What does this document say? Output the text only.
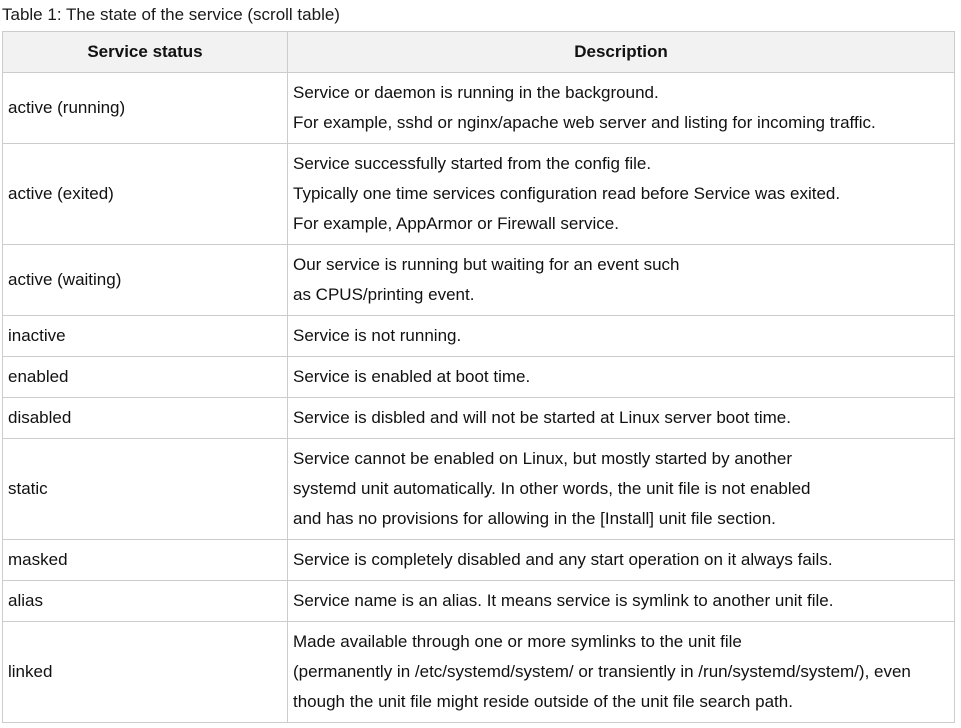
Table 1: The state of the service (scroll table)

Service status	Description
active (running)	Service or daemon is running in the background.
For example, sshd or nginx/apache web server and listing for incoming traffic.

active (exited)	Service successfully started from the config file.
Typically one time services configuration read before Service was exited.
For example, AppArmor or Firewall service.

active (waiting)	Our service is running but waiting for an event such
as CPUS/printing event.

inactive	Service is not running.

enabled	Service is enabled at boot time.

disabled	Service is disbled and will not be started at Linux server boot time.

static	Service cannot be enabled on Linux, but mostly started by another
systemd unit automatically. In other words, the unit file is not enabled
and has no provisions for allowing in the [Install] unit file section.

masked	Service is completely disabled and any start operation on it always fails.

alias	Service name is an alias. It means service is symlink to another unit file.

linked	Made available through one or more symlinks to the unit file
(permanently in /etc/systemd/system/ or transiently in /run/systemd/system/), even
though the unit file might reside outside of the unit file search path.
